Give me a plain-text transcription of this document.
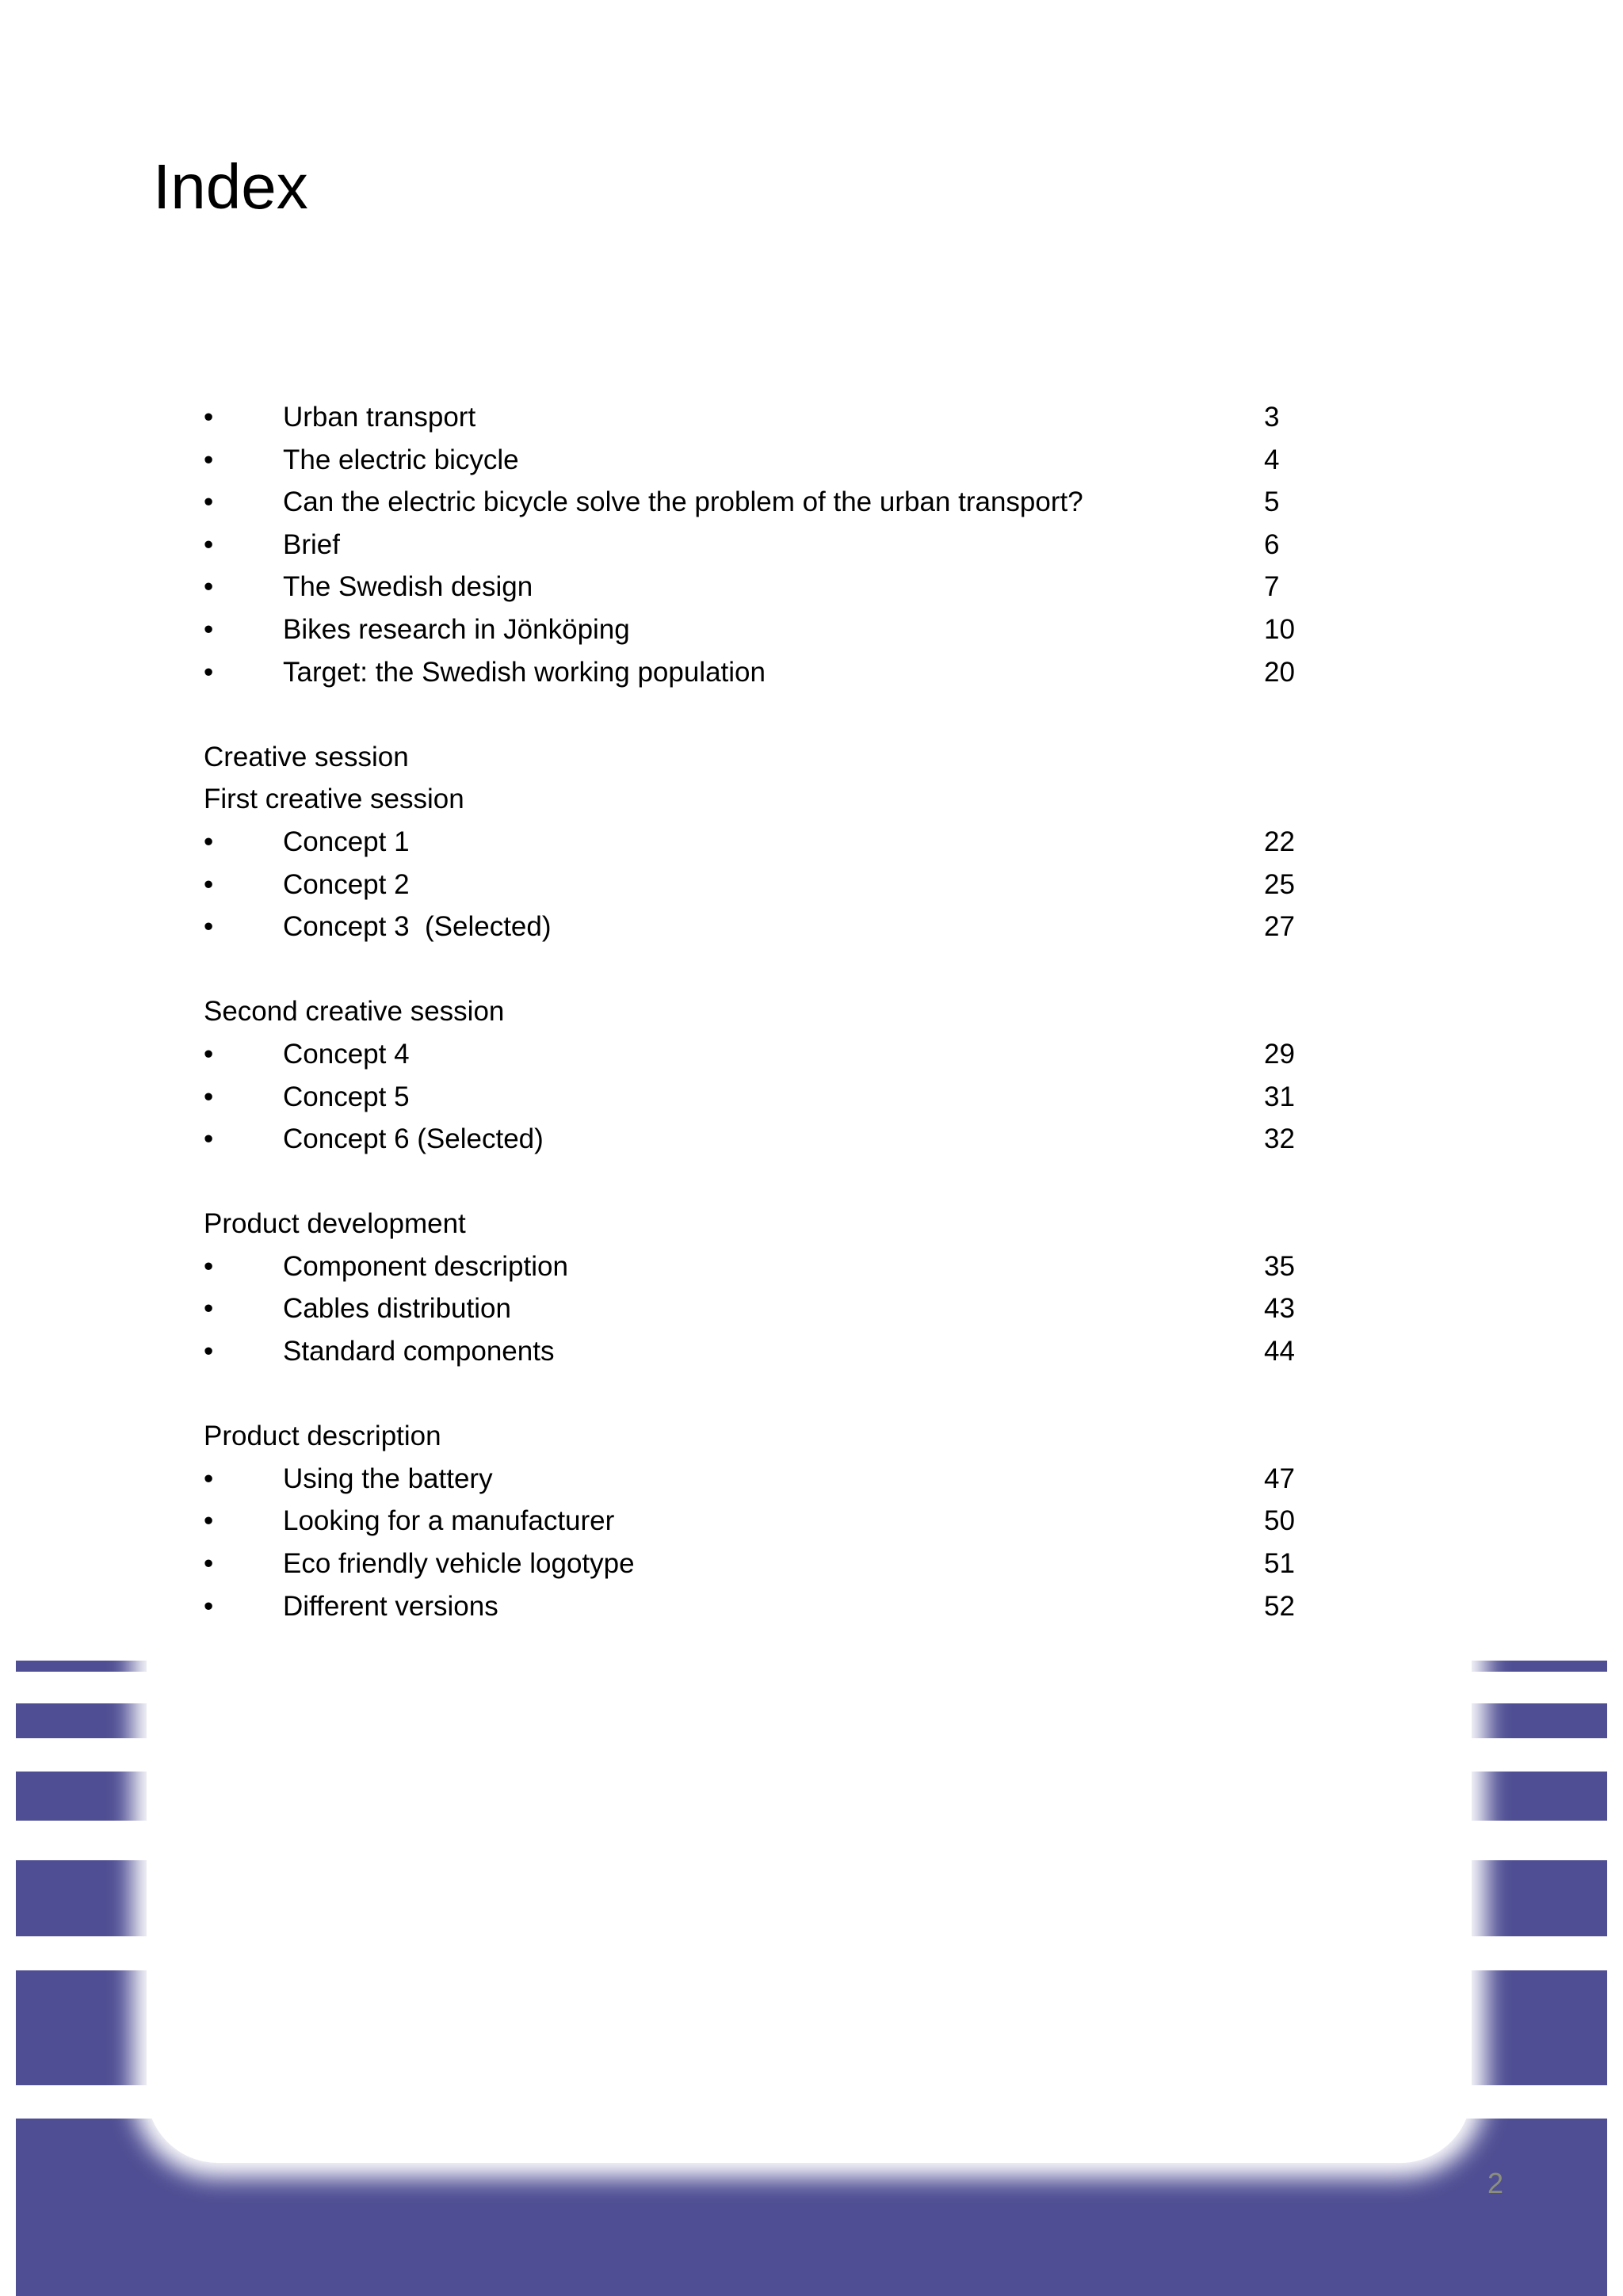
Index
•	Urban transport	3
•	The electric bicycle	4
•	Can the electric bicycle solve the problem of the urban transport?	5
•	Brief	6
•	The Swedish design	7
•	Bikes research in Jönköping	10
•	Target: the Swedish working population	20
Creative session
First creative session
•	Concept 1	22
•	Concept 2	25
•	Concept 3  (Selected)	27
Second creative session
•	Concept 4	29
•	Concept 5	31
•	Concept 6 (Selected)	32
Product development
•	Component description	35
•	Cables distribution	43
•	Standard components	44
Product description
•	Using the battery	47
•	Looking for a manufacturer	50
•	Eco friendly vehicle logotype	51
•	Different versions	52
2
